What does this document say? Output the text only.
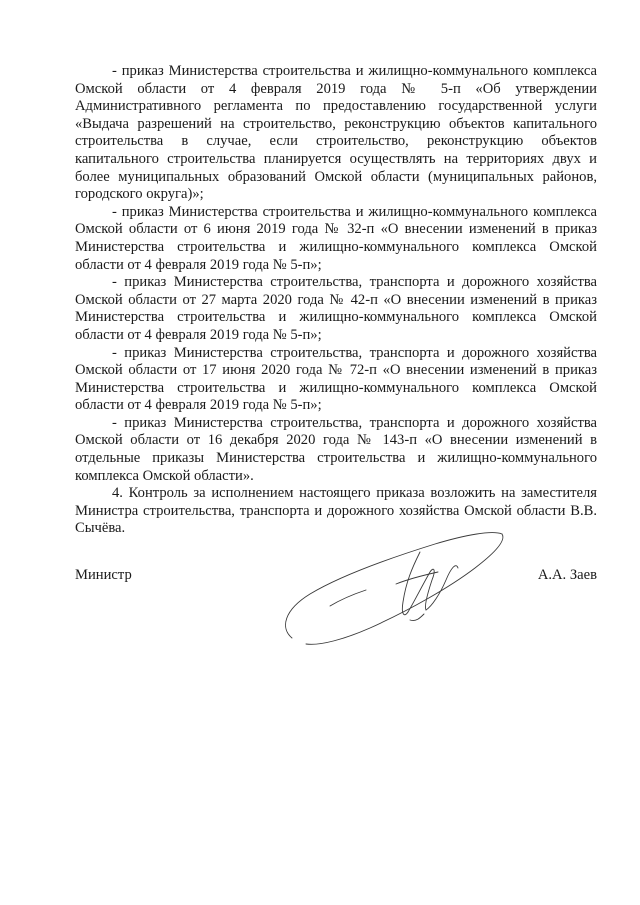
- приказ Министерства строительства и жилищно-коммунального комплекса Омской области от 4 февраля 2019 года № 5-п «Об утверждении Административного регламента по предоставлению государственной услуги «Выдача разрешений на строительство, реконструкцию объектов капитального строительства в случае, если строительство, реконструкцию объектов капитального строительства планируется осуществлять на территориях двух и более муниципальных образований Омской области (муниципальных районов, городского округа)»;

- приказ Министерства строительства и жилищно-коммунального комплекса Омской области от 6 июня 2019 года № 32-п «О внесении изменений в приказ Министерства строительства и жилищно-коммунального комплекса Омской области от 4 февраля 2019 года № 5-п»;

- приказ Министерства строительства, транспорта и дорожного хозяйства Омской области от 27 марта 2020 года № 42-п «О внесении изменений в приказ Министерства строительства и жилищно-коммунального комплекса Омской области от 4 февраля 2019 года № 5-п»;

- приказ Министерства строительства, транспорта и дорожного хозяйства Омской области от 17 июня 2020 года № 72-п «О внесении изменений в приказ Министерства строительства и жилищно-коммунального комплекса Омской области от 4 февраля 2019 года № 5-п»;

- приказ Министерства строительства, транспорта и дорожного хозяйства Омской области от 16 декабря 2020 года № 143-п «О внесении изменений в отдельные приказы Министерства строительства и жилищно-коммунального комплекса Омской области».

4. Контроль за исполнением настоящего приказа возложить на заместителя Министра строительства, транспорта и дорожного хозяйства Омской области В.В. Сычёва.

Министр	А.А. Заев
